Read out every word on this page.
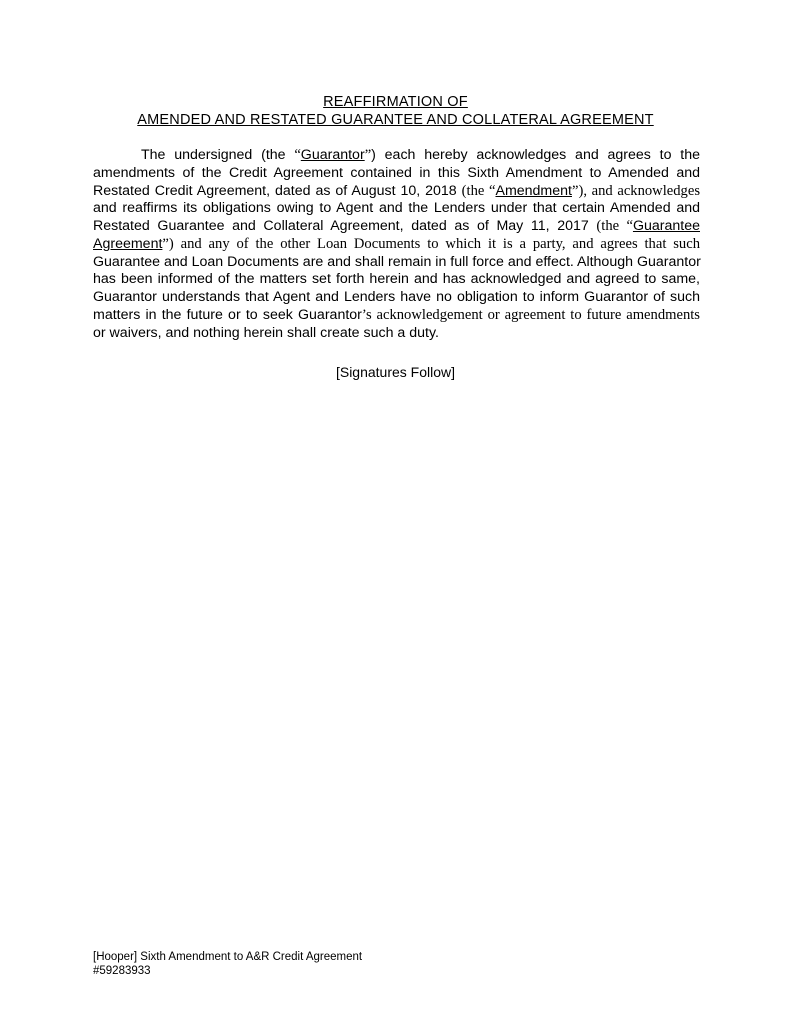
REAFFIRMATION OF
AMENDED AND RESTATED GUARANTEE AND COLLATERAL AGREEMENT
The undersigned (the “Guarantor”) each hereby acknowledges and agrees to the
amendments of the Credit Agreement contained in this Sixth Amendment to Amended and
Restated Credit Agreement, dated as of August 10, 2018 (the “Amendment”), and acknowledges
and reaffirms its obligations owing to Agent and the Lenders under that certain Amended and
Restated Guarantee and Collateral Agreement, dated as of May 11, 2017 (the “Guarantee
Agreement”) and any of the other Loan Documents to which it is a party, and agrees that such
Guarantee and Loan Documents are and shall remain in full force and effect. Although Guarantor
has been informed of the matters set forth herein and has acknowledged and agreed to same,
Guarantor understands that Agent and Lenders have no obligation to inform Guarantor of such
matters in the future or to seek Guarantor’s acknowledgement or agreement to future amendments
or waivers, and nothing herein shall create such a duty.
[Signatures Follow]
[Hooper] Sixth Amendment to A&R Credit Agreement
#59283933
